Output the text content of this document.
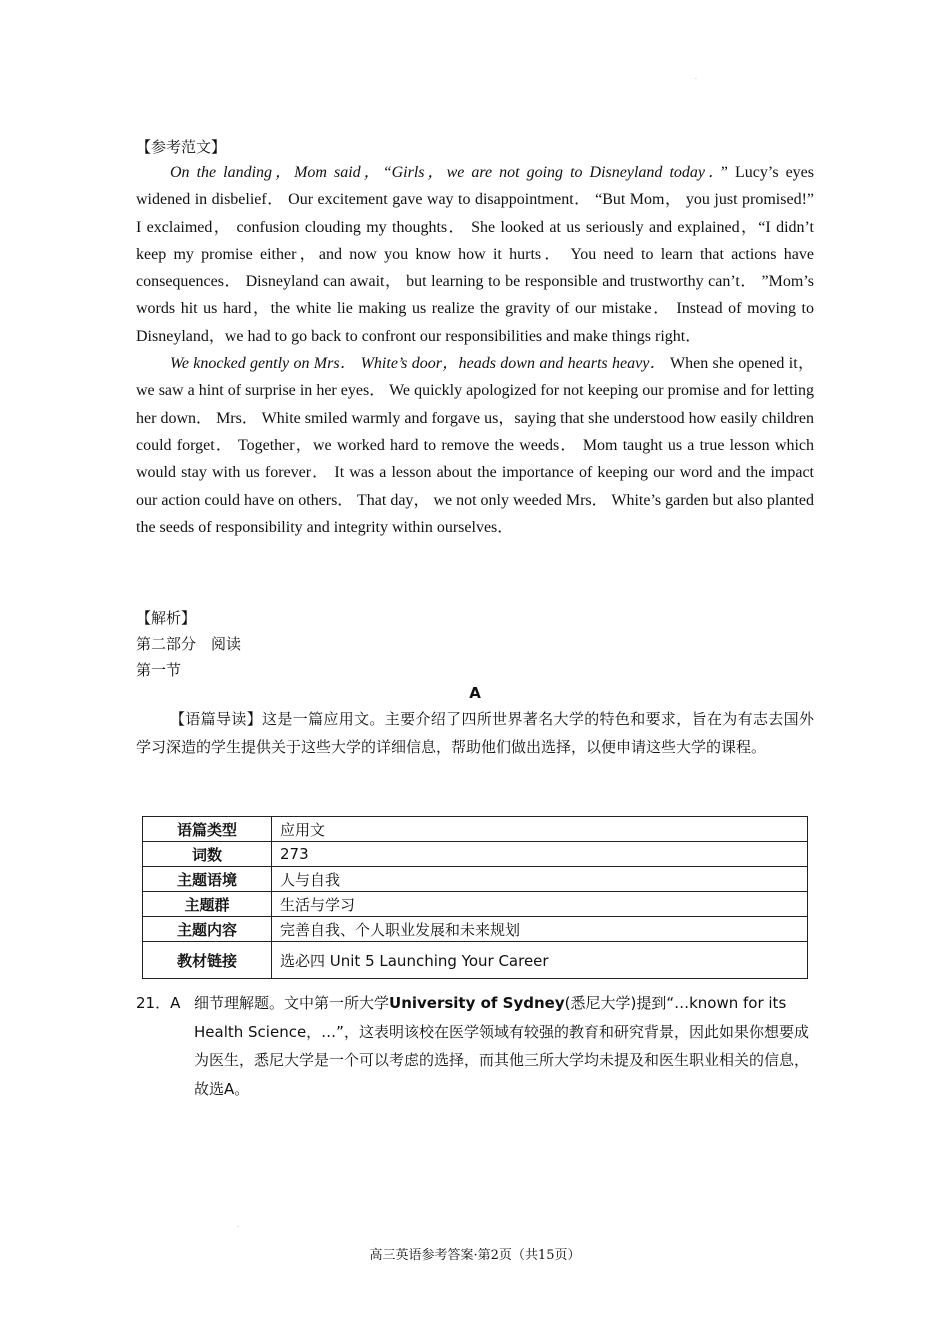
.
【参考范文】

On the landing，Mom said，“Girls，we are not going to Disneyland today．” Lucy’s eyes widened in disbelief． Our excitement gave way to disappointment． “But Mom， you just promised!” I exclaimed， confusion clouding my thoughts． She looked at us seriously and explained，“I didn’t keep my promise either，and now you know how it hurts． You need to learn that actions have consequences． Disneyland can await， but learning to be responsible and trustworthy can’t． ”Mom’s words hit us hard，the white lie making us realize the gravity of our mistake． Instead of moving to Disneyland，we had to go back to confront our responsibilities and make things right．

We knocked gently on Mrs． White’s door，heads down and hearts heavy． When she opened it，we saw a hint of surprise in her eyes． We quickly apologized for not keeping our promise and for letting her down． Mrs． White smiled warmly and forgave us，saying that she understood how easily children could forget． Together，we worked hard to remove the weeds． Mom taught us a true lesson which would stay with us forever． It was a lesson about the importance of keeping our word and the impact our action could have on others． That day， we not only weeded Mrs． White’s garden but also planted the seeds of responsibility and integrity within ourselves．

【解析】
第二部分　阅读
第一节
A

【语篇导读】这是一篇应用文。主要介绍了四所世界著名大学的特色和要求，旨在为有志去国外学习深造的学生提供关于这些大学的详细信息，帮助他们做出选择，以便申请这些大学的课程。

语篇类型	应用文
词数	273
主题语境	人与自我
主题群	生活与学习
主题内容	完善自我、个人职业发展和未来规划
教材链接	选必四 Unit 5 Launching Your Career
21．A 细节理解题。文中第一所大学University of Sydney(悉尼大学)提到“…known for its Health Science，…”，这表明该校在医学领域有较强的教育和研究背景，因此如果你想要成为医生，悉尼大学是一个可以考虑的选择，而其他三所大学均未提及和医生职业相关的信息，故选A。
.
高三英语参考答案·第2页（共15页）
